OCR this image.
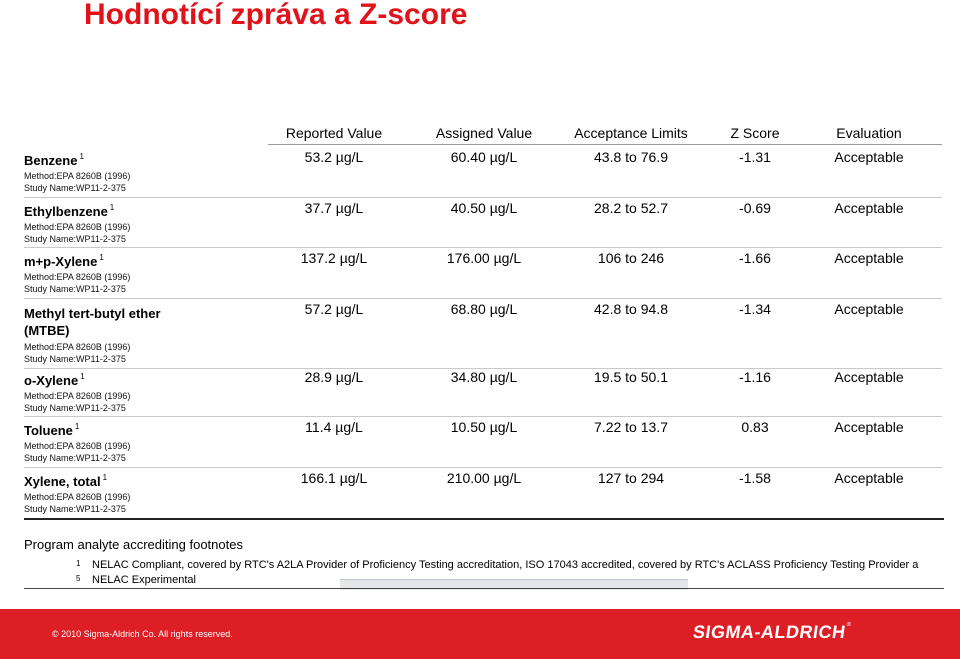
Hodnotící zpráva a Z-score
Reported Value	Assigned Value	Acceptance Limits	Z Score	Evaluation
Benzene $^1$
Method:EPA 8260B (1996)
Study Name:WP11-2-375
53.2 µg/L	60.40 µg/L	43.8 to 76.9	-1.31	Acceptable
Ethylbenzene $^1$
Method:EPA 8260B (1996)
Study Name:WP11-2-375
37.7 µg/L	40.50 µg/L	28.2 to 52.7	-0.69	Acceptable
m+p-Xylene $^1$
Method:EPA 8260B (1996)
Study Name:WP11-2-375
137.2 µg/L	176.00 µg/L	106 to 246	-1.66	Acceptable
Methyl tert-butyl ether
(MTBE)
Method:EPA 8260B (1996)
Study Name:WP11-2-375
57.2 µg/L	68.80 µg/L	42.8 to 94.8	-1.34	Acceptable
o-Xylene $^1$
Method:EPA 8260B (1996)
Study Name:WP11-2-375
28.9 µg/L	34.80 µg/L	19.5 to 50.1	-1.16	Acceptable
Toluene $^1$
Method:EPA 8260B (1996)
Study Name:WP11-2-375
11.4 µg/L	10.50 µg/L	7.22 to 13.7	0.83	Acceptable
Xylene, total $^1$
Method:EPA 8260B (1996)
Study Name:WP11-2-375
166.1 µg/L	210.00 µg/L	127 to 294	-1.58	Acceptable
Program analyte accrediting footnotes
1 NELAC Compliant, covered by RTC's A2LA Provider of Proficiency Testing accreditation, ISO 17043 accredited, covered by RTC's ACLASS Proficiency Testing Provider a
5 NELAC Experimental
© 2010 Sigma-Aldrich Co. All rights reserved.	SIGMA-ALDRICH®
